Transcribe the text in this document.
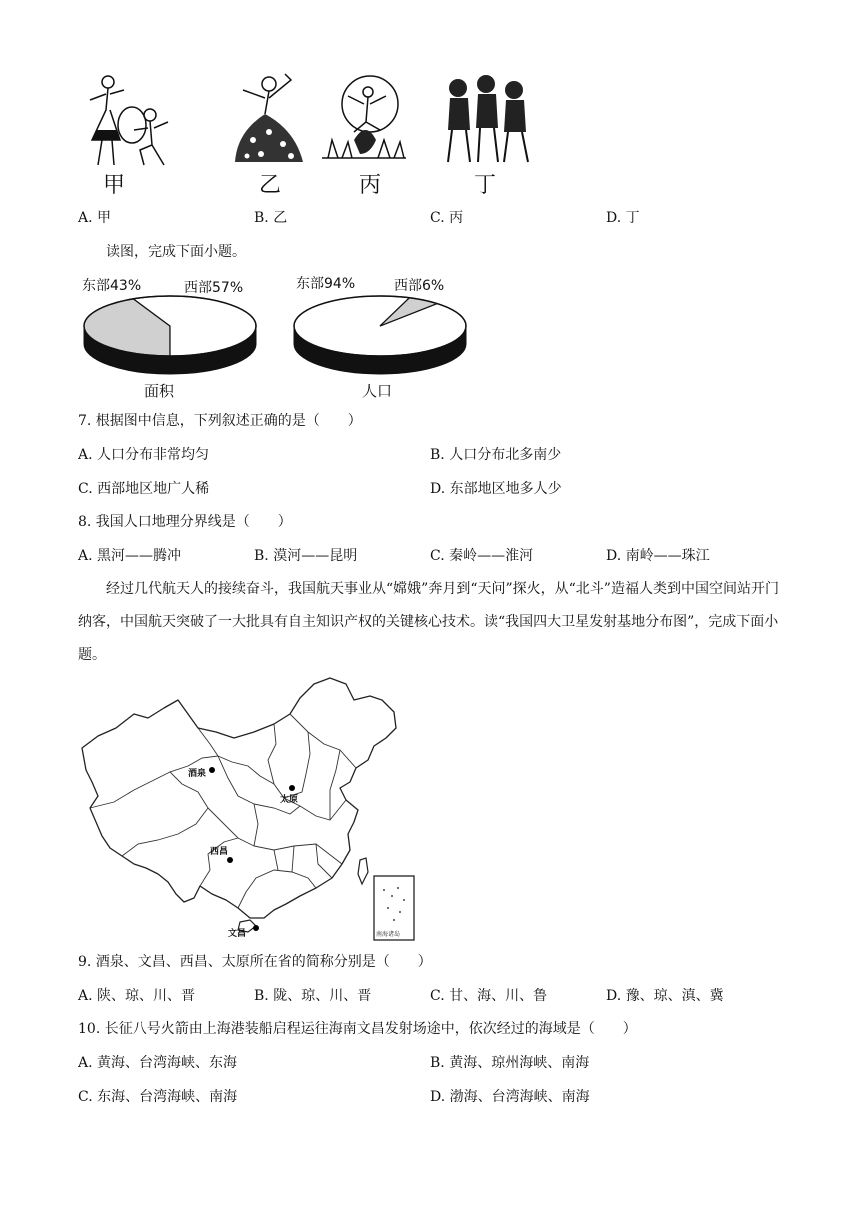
甲	乙	丙	丁
A. 甲	B. 乙	C. 丙	D. 丁
读图，完成下面小题。
东部43%	西部57%
面积
东部94%	西部6%
人口
7. 根据图中信息，下列叙述正确的是（　　）
A. 人口分布非常均匀	B. 人口分布北多南少
C. 西部地区地广人稀	D. 东部地区地多人少
8. 我国人口地理分界线是（　　）
A. 黑河——腾冲	B. 漠河——昆明	C. 秦岭——淮河	D. 南岭——珠江
经过几代航天人的接续奋斗，我国航天事业从“嫦娥”奔月到“天问”探火，从“北斗”造福人类到中国空间站开门纳客，中国航天突破了一大批具有自主知识产权的关键核心技术。读“我国四大卫星发射基地分布图”，完成下面小题。
南海诸岛
酒泉
太原
西昌
文昌
9. 酒泉、文昌、西昌、太原所在省的简称分别是（　　）
A. 陕、琼、川、晋	B. 陇、琼、川、晋	C. 甘、海、川、鲁	D. 豫、琼、滇、冀
10. 长征八号火箭由上海港装船启程运往海南文昌发射场途中，依次经过的海域是（　　）
A. 黄海、台湾海峡、东海	B. 黄海、琼州海峡、南海
C. 东海、台湾海峡、南海	D. 渤海、台湾海峡、南海
